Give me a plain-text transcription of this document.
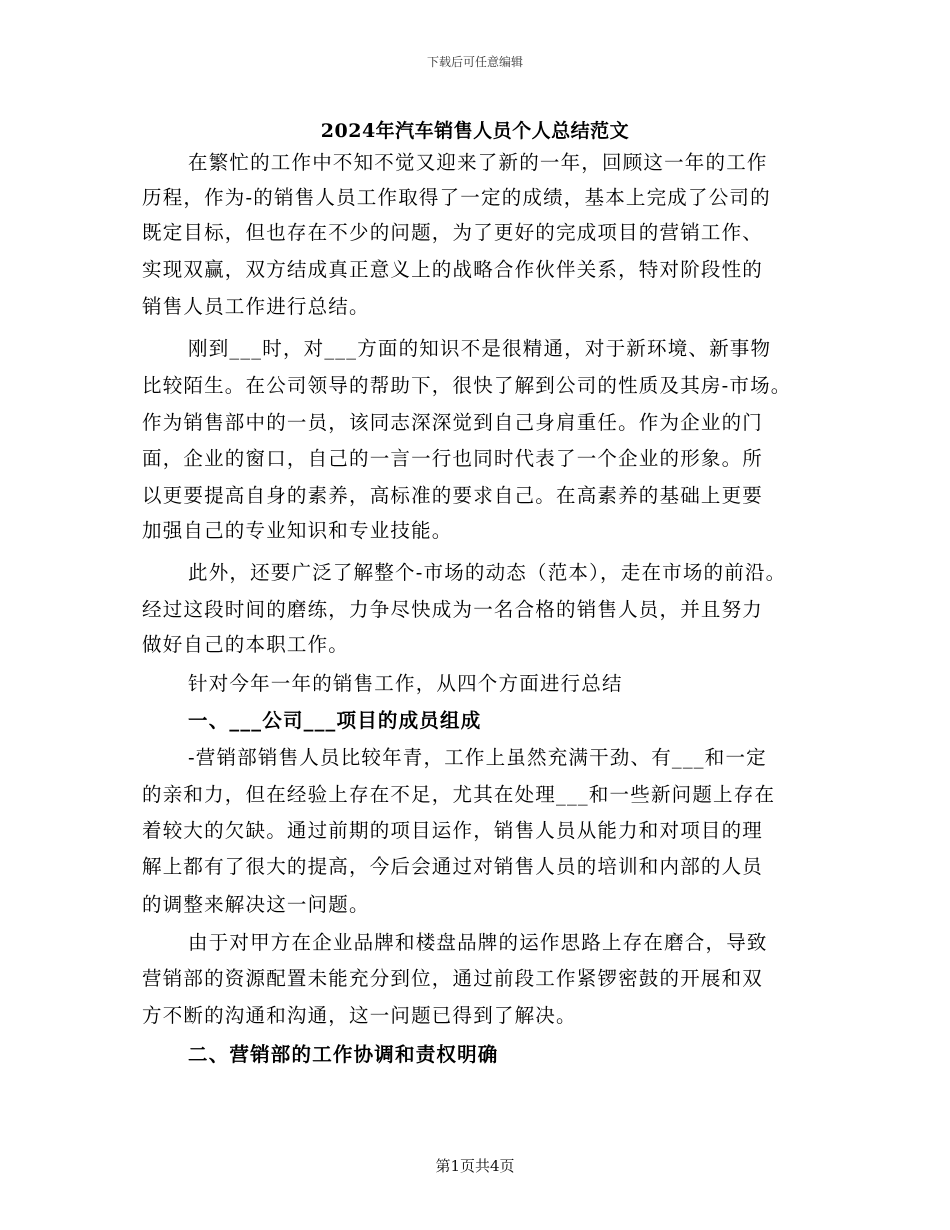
下载后可任意编辑
2024年汽车销售人员个人总结范文
在繁忙的工作中不知不觉又迎来了新的一年，回顾这一年的工作
历程，作为-的销售人员工作取得了一定的成绩，基本上完成了公司的
既定目标，但也存在不少的问题，为了更好的完成项目的营销工作、
实现双赢，双方结成真正意义上的战略合作伙伴关系，特对阶段性的
销售人员工作进行总结。
刚到___时，对___方面的知识不是很精通，对于新环境、新事物
比较陌生。在公司领导的帮助下，很快了解到公司的性质及其房-市场。
作为销售部中的一员，该同志深深觉到自己身肩重任。作为企业的门
面，企业的窗口，自己的一言一行也同时代表了一个企业的形象。所
以更要提高自身的素养，高标准的要求自己。在高素养的基础上更要
加强自己的专业知识和专业技能。
此外，还要广泛了解整个-市场的动态（范本），走在市场的前沿。
经过这段时间的磨练，力争尽快成为一名合格的销售人员，并且努力
做好自己的本职工作。
针对今年一年的销售工作，从四个方面进行总结
一、___公司___项目的成员组成
-营销部销售人员比较年青，工作上虽然充满干劲、有___和一定
的亲和力，但在经验上存在不足，尤其在处理___和一些新问题上存在
着较大的欠缺。通过前期的项目运作，销售人员从能力和对项目的理
解上都有了很大的提高，今后会通过对销售人员的培训和内部的人员
的调整来解决这一问题。
由于对甲方在企业品牌和楼盘品牌的运作思路上存在磨合，导致
营销部的资源配置未能充分到位，通过前段工作紧锣密鼓的开展和双
方不断的沟通和沟通，这一问题已得到了解决。
二、营销部的工作协调和责权明确
第1页共4页
